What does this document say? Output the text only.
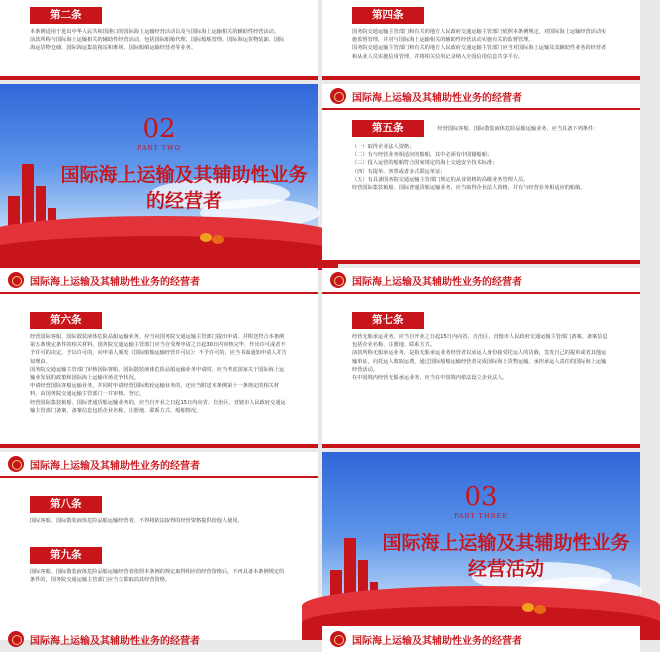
第二条

本条例适用于进出中华人民共和国港口的国际海上运输经营活动以及与国际海上运输相关的辅助性经营活动。

前款所称与国际海上运输相关的辅助性经营活动，包括国际船舶代理、国际船舶管理、国际海运货物装卸、国际海运货物仓储、国际海运集装箱站和堆场、国际船舶运输经营者等业务。

第四条

国务院交通运输主管部门和有关的地方人民政府交通运输主管部门依照本条例规定，对国际海上运输经营活动实施监督管理，并对与国际海上运输相关的辅助性经营活动实施有关的监督管理。

国务院交通运输主管部门和有关的地方人民政府交通运输主管部门应当对国际海上运输及其辅助性业务的经营者和从业人员实施信用管理，并将相关信用记录纳入全国信用信息共享平台。

02
PART TWO
国际海上运输及其辅助性业务的经营者
国际海上运输及其辅助性业务的经营者
第五条	经营国际客船、国际散装液体危险品船运输业务，应当具备下列条件：

（一）取得企业法人资格；

（二）有与经营业务相适应的船舶，其中必须有中国籍船舶；

（三）投入运营的船舶符合国家规定的海上交通安全技术标准；

（四）有提单、客票或者多式联运单证；

（五）有具备国务院交通运输主管部门规定的从业资格的高级业务管理人员。

经营国际集装箱船、国际普通货船运输业务，应当取得企业法人资格，并有与经营业务相适应的船舶。

国际海上运输及其辅助性业务的经营者
第六条

经营国际客船、国际散装液体危险品船运输业务，应当向国务院交通运输主管部门提出申请，并附送符合本条例第五条规定条件的相关材料。国务院交通运输主管部门应当自受理申请之日起30日内审核完毕，作出许可或者不予许可的决定。予以许可的，向申请人颁发《国际船舶运输经营许可证》；不予许可的，应当书面通知申请人并告知理由。

国务院交通运输主管部门审核国际客船、国际散装液体危险品船运输业务申请时，应当考虑国家关于国际海上运输业发展的政策和国际海上运输市场竞争状况。

申请经营国际客船运输业务，并同时申请经营国际班轮运输业务的，还应当附送本条例第十一条规定的相关材料，由国务院交通运输主管部门一并审核、登记。

经营国际集装箱船、国际普通货船运输业务的，应当自开业之日起15日内向省、自治区、直辖市人民政府交通运输主管部门备案，备案信息包括企业名称、注册地、联系方式、船舶情况。

国际海上运输及其辅助性业务的经营者
第七条

经营无船承运业务，应当自开业之日起15日内向省、自治区、直辖市人民政府交通运输主管部门备案，备案信息包括企业名称、注册地、联系方式。

前款所称无船承运业务，是指无船承运业务经营者以承运人身份接受托运人的货载，签发自己的提单或者其他运输单证，向托运人收取运费，通过国际船舶运输经营者完成国际海上货物运输，承担承运人责任的国际海上运输经营活动。

在中国境内经营无船承运业务，应当在中国境内依法设立企业法人。

国际海上运输及其辅助性业务的经营者
第八条

国际客船、国际散装液体危险品船运输经营者，不得将依法取得的经营资格提供给他人使用。

第九条

国际客船、国际散装液体危险品船运输经营者依照本条例的规定取得相应的经营资格后，不再具备本条例规定的条件的，国务院交通运输主管部门应当立即取消其经营资格。

国际海上运输及其辅助性业务的经营者
03
PART THREE
国际海上运输及其辅助性业务经营活动
国际海上运输及其辅助性业务的经营者
